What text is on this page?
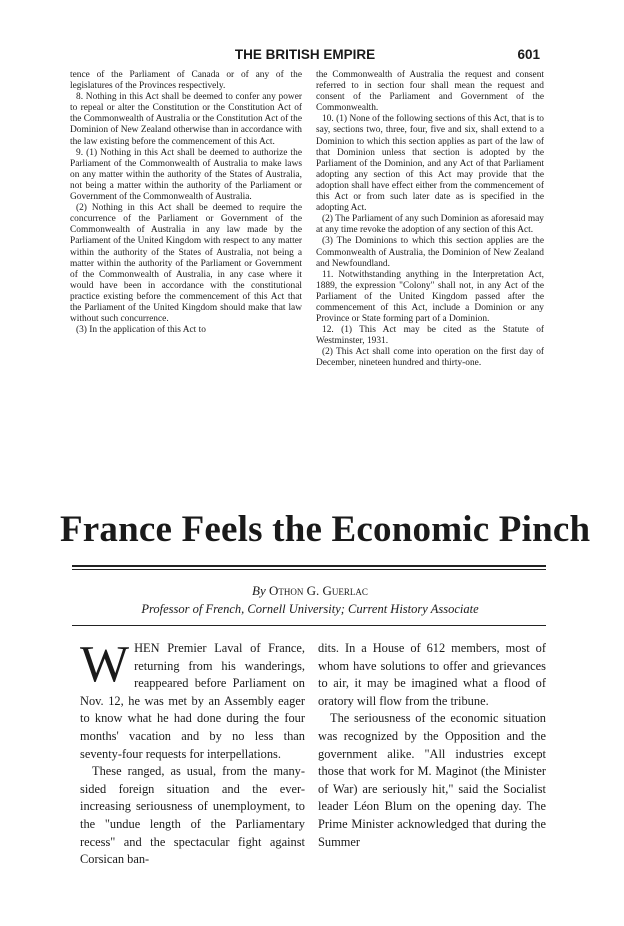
THE BRITISH EMPIRE	601

tence of the Parliament of Canada or of any of the legislatures of the Provinces respectively.

8. Nothing in this Act shall be deemed to confer any power to repeal or alter the Constitution or the Constitution Act of the Commonwealth of Australia or the Constitution Act of the Dominion of New Zealand otherwise than in accordance with the law existing before the commencement of this Act.

9. (1) Nothing in this Act shall be deemed to authorize the Parliament of the Commonwealth of Australia to make laws on any matter within the authority of the States of Australia, not being a matter within the authority of the Parliament or Government of the Commonwealth of Australia.

(2) Nothing in this Act shall be deemed to require the concurrence of the Parliament or Government of the Commonwealth of Australia in any law made by the Parliament of the United Kingdom with respect to any matter within the authority of the States of Australia, not being a matter within the authority of the Parliament or Government of the Commonwealth of Australia, in any case where it would have been in accordance with the constitutional practice existing before the commencement of this Act that the Parliament of the United Kingdom should make that law without such concurrence.

(3) In the application of this Act to

the Commonwealth of Australia the request and consent referred to in section four shall mean the request and consent of the Parliament and Government of the Commonwealth.

10. (1) None of the following sections of this Act, that is to say, sections two, three, four, five and six, shall extend to a Dominion to which this section applies as part of the law of that Dominion unless that section is adopted by the Parliament of the Dominion, and any Act of that Parliament adopting any section of this Act may provide that the adoption shall have effect either from the commencement of this Act or from such later date as is specified in the adopting Act.

(2) The Parliament of any such Dominion as aforesaid may at any time revoke the adoption of any section of this Act.

(3) The Dominions to which this section applies are the Commonwealth of Australia, the Dominion of New Zealand and Newfoundland.

11. Notwithstanding anything in the Interpretation Act, 1889, the expression "Colony" shall not, in any Act of the Parliament of the United Kingdom passed after the commencement of this Act, include a Dominion or any Province or State forming part of a Dominion.

12. (1) This Act may be cited as the Statute of Westminster, 1931.

(2) This Act shall come into operation on the first day of December, nineteen hundred and thirty-one.

France Feels the Economic Pinch
By Othon G. Guerlac
Professor of French, Cornell University; Current History Associate

WHEN Premier Laval of France, returning from his wanderings, reappeared before Parliament on Nov. 12, he was met by an Assembly eager to know what he had done during the four months' vacation and by no less than seventy-four requests for interpellations.

These ranged, as usual, from the many-sided foreign situation and the ever-increasing seriousness of unemployment, to the "undue length of the Parliamentary recess" and the spectacular fight against Corsican ban-

dits. In a House of 612 members, most of whom have solutions to offer and grievances to air, it may be imagined what a flood of oratory will flow from the tribune.

The seriousness of the economic situation was recognized by the Opposition and the government alike. "All industries except those that work for M. Maginot (the Minister of War) are seriously hit," said the Socialist leader Léon Blum on the opening day. The Prime Minister acknowledged that during the Summer
